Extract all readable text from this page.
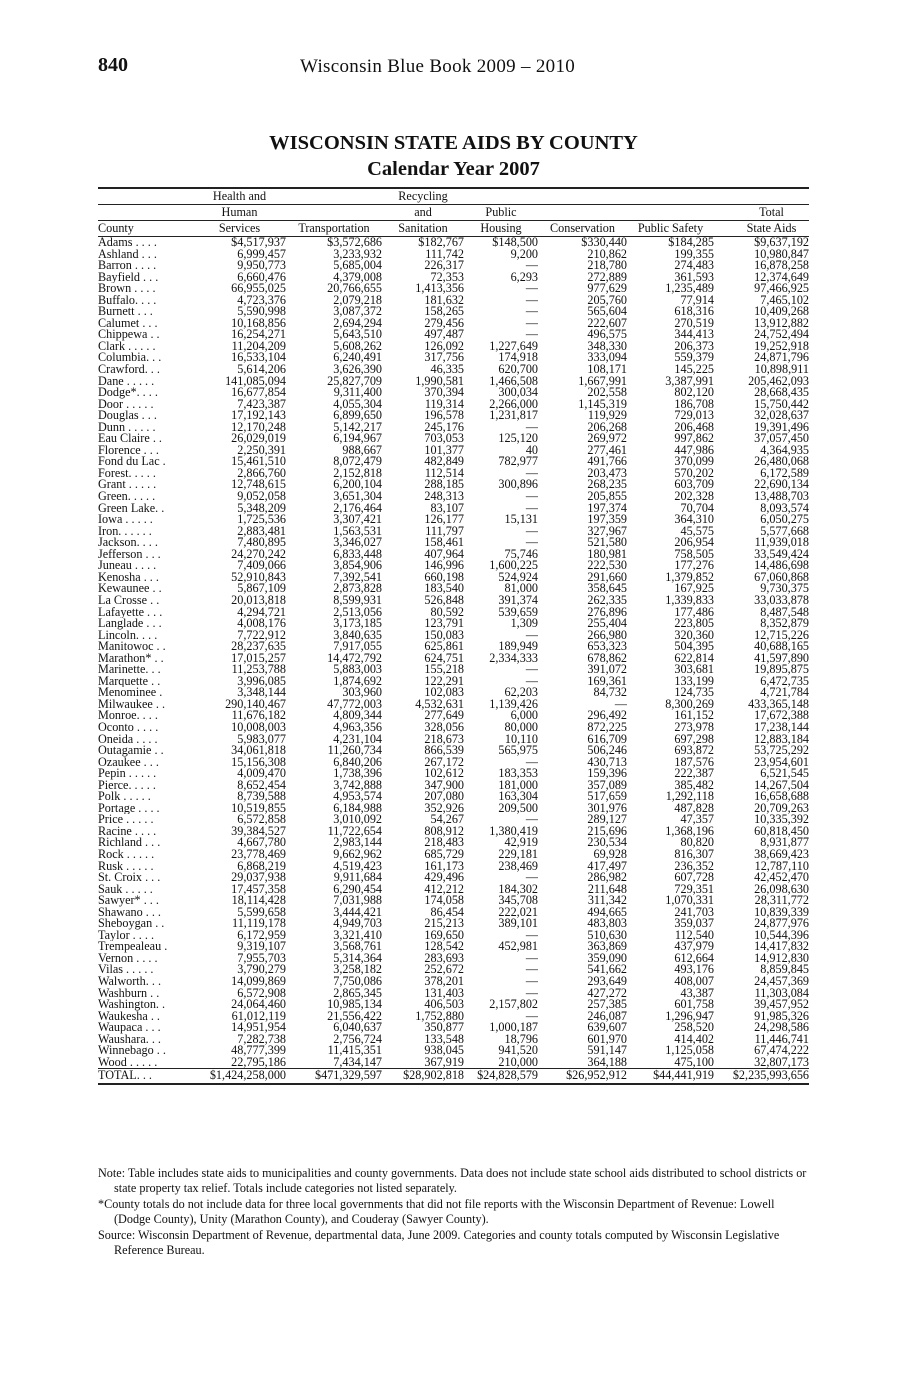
840	Wisconsin Blue Book 2009 – 2010
WISCONSIN STATE AIDS BY COUNTY
Calendar Year 2007
	Health and		Recycling				
	Human		and	Public			Total
County	Services	Transportation	Sanitation	Housing	Conservation	Public Safety	State Aids
Adams . . . .	$4,517,937	$3,572,686	$182,767	$148,500	$330,440	$184,285	$9,637,192
Ashland . . .	6,999,457	3,233,932	111,742	9,200	210,862	199,355	10,980,847
Barron . . . .	9,950,773	5,685,004	226,317	—	218,780	274,483	16,878,258
Bayfield . . .	6,660,476	4,379,008	72,353	6,293	272,889	361,593	12,374,649
Brown . . . .	66,955,025	20,766,655	1,413,356	—	977,629	1,235,489	97,466,925
Buffalo. . . .	4,723,376	2,079,218	181,632	—	205,760	77,914	7,465,102
Burnett . . .	5,590,998	3,087,372	158,265	—	565,604	618,316	10,409,268
Calumet . . .	10,168,856	2,694,294	279,456	—	222,607	270,519	13,912,882
Chippewa . .	16,254,271	5,643,510	497,487	—	496,575	344,413	24,752,494
Clark . . . . .	11,204,209	5,608,262	126,092	1,227,649	348,330	206,373	19,252,918
Columbia. . .	16,533,104	6,240,491	317,756	174,918	333,094	559,379	24,871,796
Crawford. . .	5,614,206	3,626,390	46,335	620,700	108,171	145,225	10,898,911
Dane . . . . .	141,085,094	25,827,709	1,990,581	1,466,508	1,667,991	3,387,991	205,462,093
Dodge*. . . .	16,677,854	9,311,400	370,394	300,034	202,558	802,120	28,668,435
Door . . . . .	7,423,387	4,055,304	119,314	2,266,000	1,145,319	186,708	15,750,442
Douglas . . .	17,192,143	6,899,650	196,578	1,231,817	119,929	729,013	32,028,637
Dunn . . . . .	12,170,248	5,142,217	245,176	—	206,268	206,468	19,391,496
Eau Claire . .	26,029,019	6,194,967	703,053	125,120	269,972	997,862	37,057,450
Florence . . .	2,250,391	988,667	101,377	40	277,461	447,986	4,364,935
Fond du Lac .	15,461,510	8,072,479	482,849	782,977	491,766	370,099	26,480,068
Forest. . . . .	2,866,760	2,152,818	112,514	—	203,473	570,202	6,172,589
Grant . . . . .	12,748,615	6,200,104	288,185	300,896	268,235	603,709	22,690,134
Green. . . . .	9,052,058	3,651,304	248,313	—	205,855	202,328	13,488,703
Green Lake. .	5,348,209	2,176,464	83,107	—	197,374	70,704	8,093,574
Iowa . . . . .	1,725,536	3,307,421	126,177	15,131	197,359	364,310	6,050,275
Iron. . . . . .	2,883,481	1,563,531	111,797	—	327,967	45,575	5,577,668
Jackson. . . .	7,480,895	3,346,027	158,461	—	521,580	206,954	11,939,018
Jefferson . . .	24,270,242	6,833,448	407,964	75,746	180,981	758,505	33,549,424
Juneau . . . .	7,409,066	3,854,906	146,996	1,600,225	222,530	177,276	14,486,698
Kenosha . . .	52,910,843	7,392,541	660,198	524,924	291,660	1,379,852	67,060,868
Kewaunee . .	5,867,109	2,873,828	183,540	81,000	358,645	167,925	9,730,375
La Crosse . .	20,013,818	8,599,931	526,848	391,374	262,335	1,339,833	33,033,878
Lafayette . . .	4,294,721	2,513,056	80,592	539,659	276,896	177,486	8,487,548
Langlade . . .	4,008,176	3,173,185	123,791	1,309	255,404	223,805	8,352,879
Lincoln. . . .	7,722,912	3,840,635	150,083	—	266,980	320,360	12,715,226
Manitowoc . .	28,237,635	7,917,055	625,861	189,949	653,323	504,395	40,688,165
Marathon* . .	17,015,257	14,472,792	624,751	2,334,333	678,862	622,814	41,597,890
Marinette. . .	11,253,788	5,883,003	155,218	—	391,072	303,681	19,895,875
Marquette . .	3,996,085	1,874,692	122,291	—	169,361	133,199	6,472,735
Menominee .	3,348,144	303,960	102,083	62,203	84,732	124,735	4,721,784
Milwaukee . .	290,140,467	47,772,003	4,532,631	1,139,426	—	8,300,269	433,365,148
Monroe. . . .	11,676,182	4,809,344	277,649	6,000	296,492	161,152	17,672,388
Oconto . . . .	10,008,003	4,963,356	328,056	80,000	872,225	273,978	17,238,144
Oneida . . . .	5,983,077	4,231,104	218,673	10,110	616,709	697,298	12,883,184
Outagamie . .	34,061,818	11,260,734	866,539	565,975	506,246	693,872	53,725,292
Ozaukee . . .	15,156,308	6,840,206	267,172	—	430,713	187,576	23,954,601
Pepin . . . . .	4,009,470	1,738,396	102,612	183,353	159,396	222,387	6,521,545
Pierce. . . . .	8,652,454	3,742,888	347,900	181,000	357,089	385,482	14,267,504
Polk . . . . .	8,739,588	4,953,574	207,080	163,304	517,659	1,292,118	16,658,688
Portage . . . .	10,519,855	6,184,988	352,926	209,500	301,976	487,828	20,709,263
Price . . . . .	6,572,858	3,010,092	54,267	—	289,127	47,357	10,335,392
Racine . . . .	39,384,527	11,722,654	808,912	1,380,419	215,696	1,368,196	60,818,450
Richland . . .	4,667,780	2,983,144	218,483	42,919	230,534	80,820	8,931,877
Rock . . . . .	23,778,469	9,662,962	685,729	229,181	69,928	816,307	38,669,423
Rusk . . . . .	6,868,219	4,519,423	161,173	238,469	417,497	236,352	12,787,110
St. Croix . . .	29,037,938	9,911,684	429,496	—	286,982	607,728	42,452,470
Sauk . . . . .	17,457,358	6,290,454	412,212	184,302	211,648	729,351	26,098,630
Sawyer* . . .	18,114,428	7,031,988	174,058	345,708	311,342	1,070,331	28,311,772
Shawano . . .	5,599,658	3,444,421	86,454	222,021	494,665	241,703	10,839,339
Sheboygan . .	11,119,178	4,949,703	215,213	389,101	483,803	359,037	24,877,976
Taylor . . . .	6,172,959	3,321,410	169,650	—	510,630	112,540	10,544,396
Trempealeau .	9,319,107	3,568,761	128,542	452,981	363,869	437,979	14,417,832
Vernon . . . .	7,955,703	5,314,364	283,693	—	359,090	612,664	14,912,830
Vilas . . . . .	3,790,279	3,258,182	252,672	—	541,662	493,176	8,859,845
Walworth. . .	14,099,869	7,750,086	378,201	—	293,649	408,007	24,457,369
Washburn . .	6,572,908	2,865,345	131,403	—	427,272	43,387	11,303,084
Washington. .	24,064,460	10,985,134	406,503	2,157,802	257,385	601,758	39,457,952
Waukesha . .	61,012,119	21,556,422	1,752,880	—	246,087	1,296,947	91,985,326
Waupaca . . .	14,951,954	6,040,637	350,877	1,000,187	639,607	258,520	24,298,586
Waushara. . .	7,282,738	2,756,724	133,548	18,796	601,970	414,402	11,446,741
Winnebago . .	48,777,399	11,415,351	938,045	941,520	591,147	1,125,058	67,474,222
Wood . . . . .	22,795,186	7,434,147	367,919	210,000	364,188	475,100	32,807,173
TOTAL. . .	$1,424,258,000	$471,329,597	$28,902,818	$24,828,579	$26,952,912	$44,441,919	$2,235,993,656

Note: Table includes state aids to municipalities and county governments. Data does not include state school aids distributed to school districts or state property tax relief. Totals include categories not listed separately.

*County totals do not include data for three local governments that did not file reports with the Wisconsin Department of Revenue: Lowell (Dodge County), Unity (Marathon County), and Couderay (Sawyer County).

Source: Wisconsin Department of Revenue, departmental data, June 2009. Categories and county totals computed by Wisconsin Legislative Reference Bureau.
